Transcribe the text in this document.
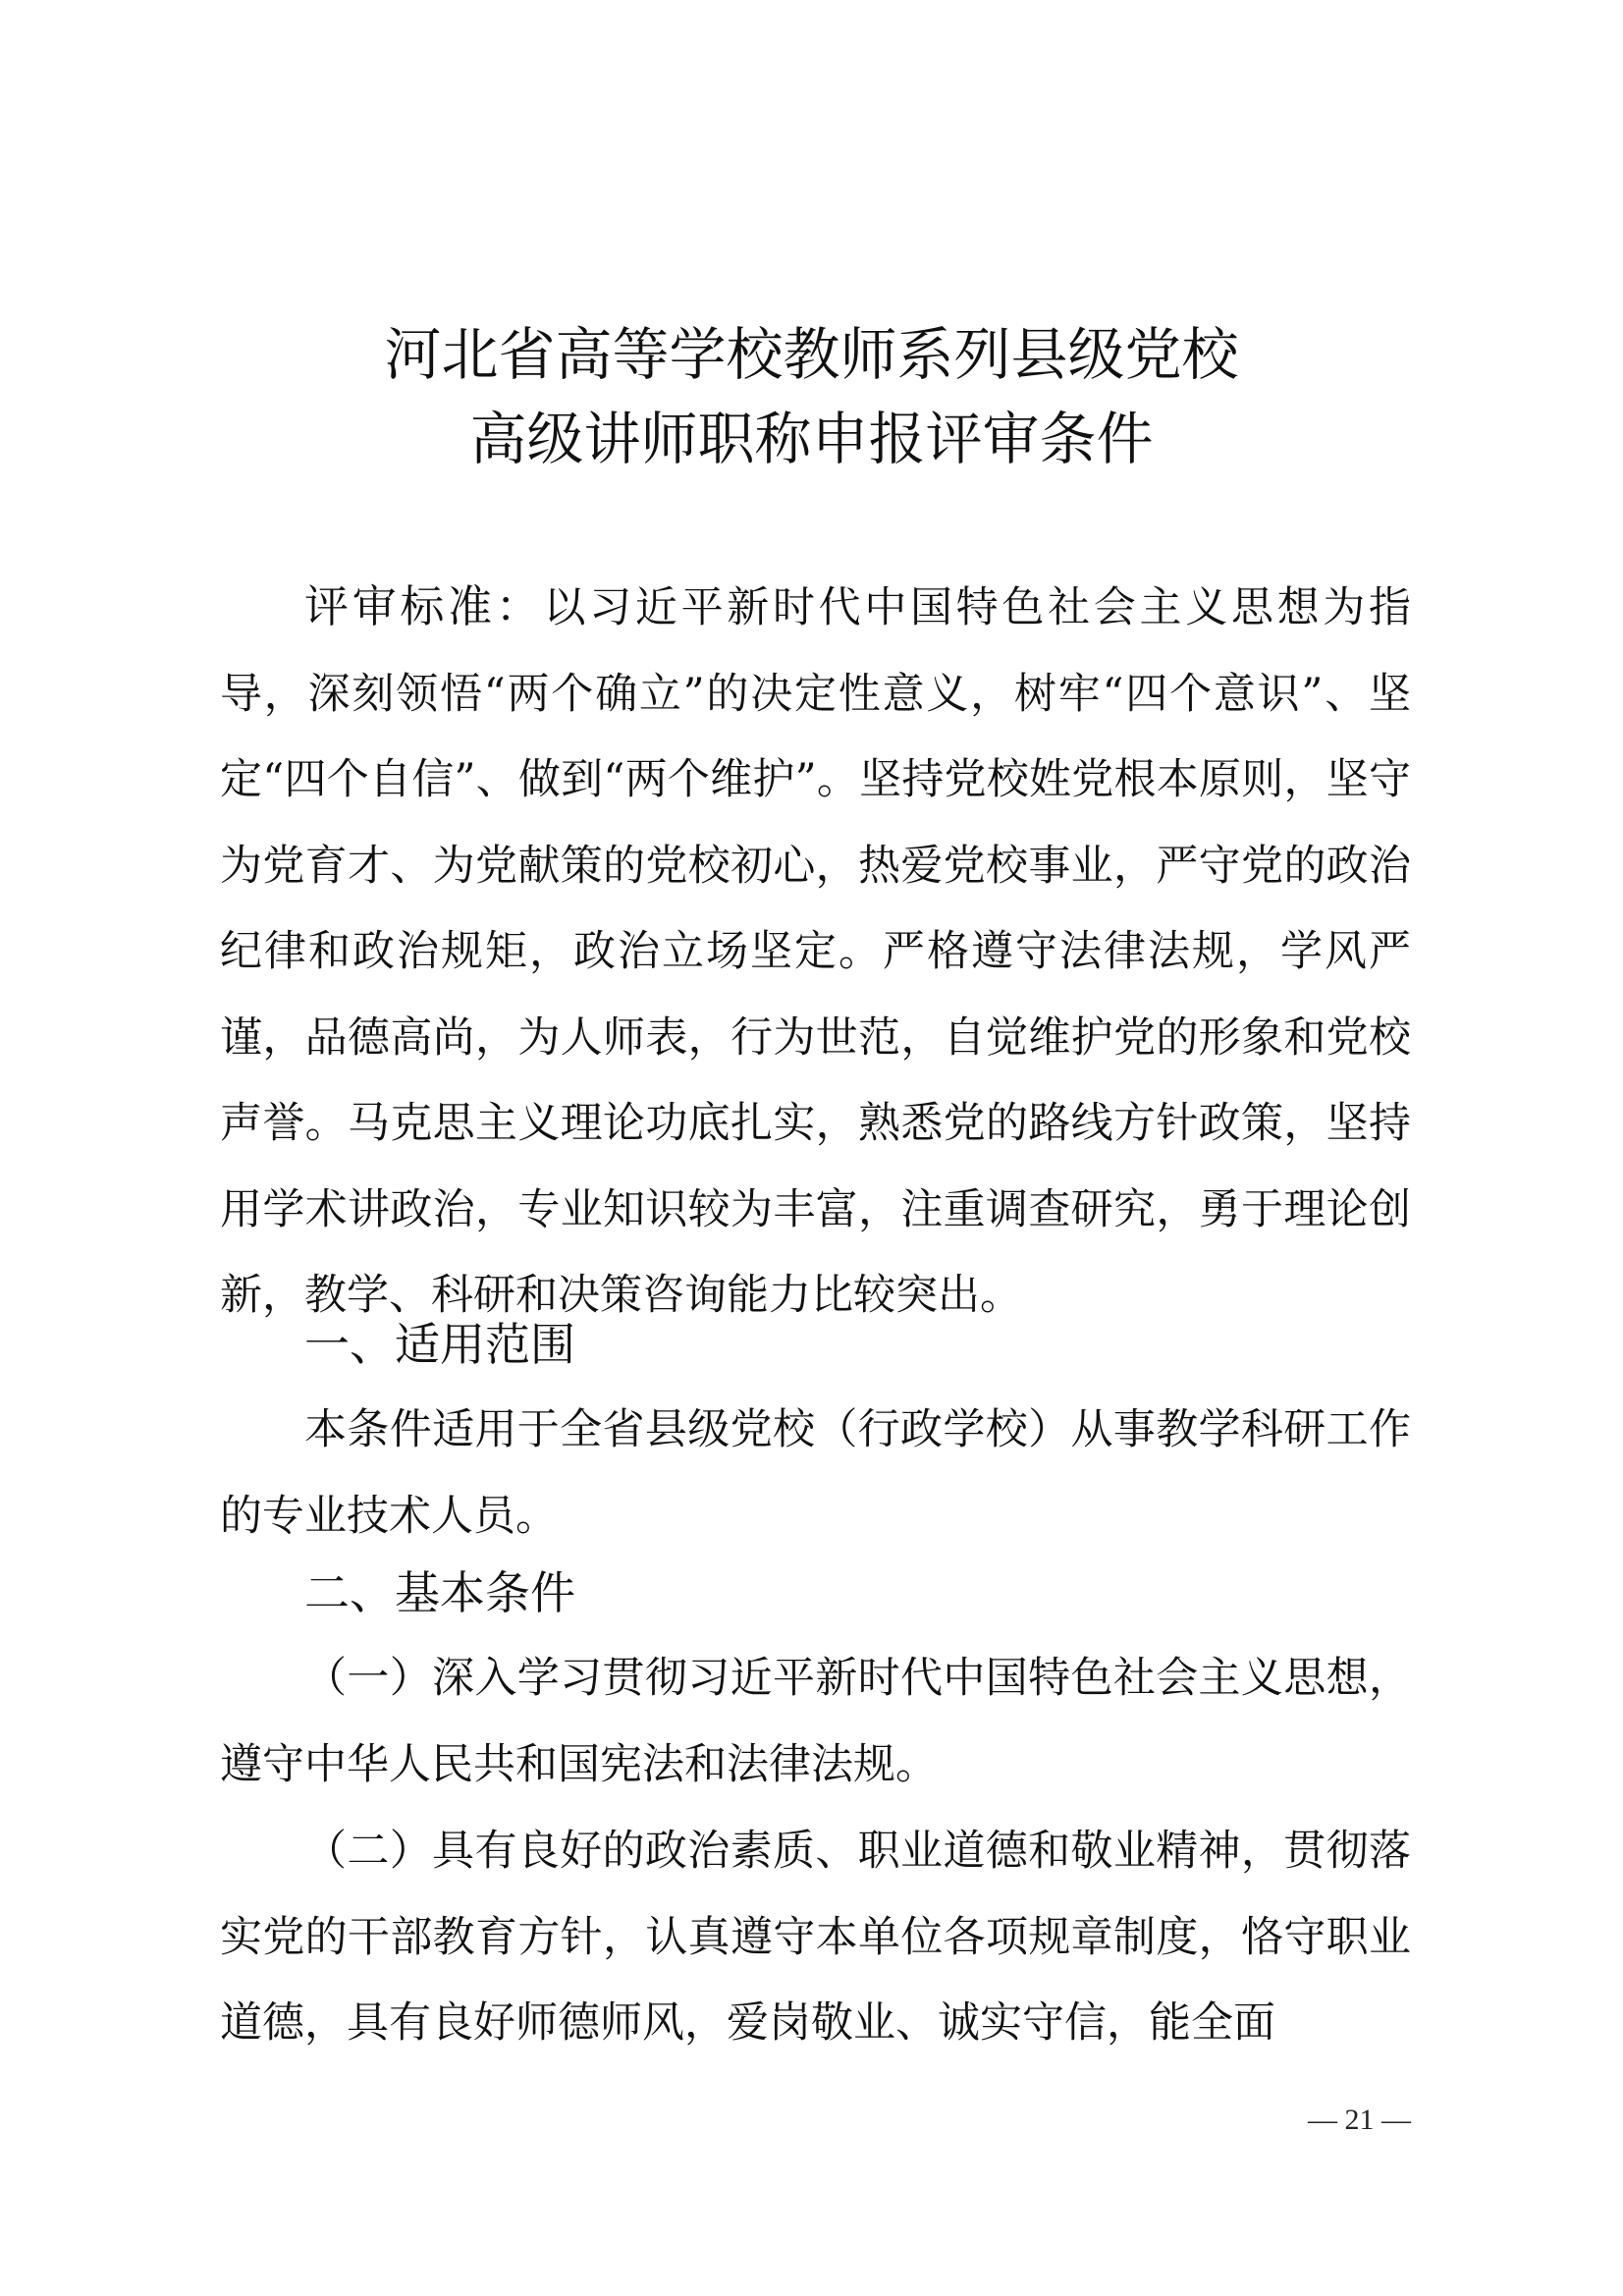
河北省高等学校教师系列县级党校
高级讲师职称申报评审条件

评审标准：以习近平新时代中国特色社会主义思想为指导，深刻领悟“两个确立”的决定性意义，树牢“四个意识”、坚定“四个自信”、做到“两个维护”。坚持党校姓党根本原则，坚守为党育才、为党献策的党校初心，热爱党校事业，严守党的政治纪律和政治规矩，政治立场坚定。严格遵守法律法规，学风严谨，品德高尚，为人师表，行为世范，自觉维护党的形象和党校声誉。马克思主义理论功底扎实，熟悉党的路线方针政策，坚持用学术讲政治，专业知识较为丰富，注重调查研究，勇于理论创新，教学、科研和决策咨询能力比较突出。

一、适用范围

本条件适用于全省县级党校（行政学校）从事教学科研工作的专业技术人员。

二、基本条件

（一）深入学习贯彻习近平新时代中国特色社会主义思想，遵守中华人民共和国宪法和法律法规。

（二）具有良好的政治素质、职业道德和敬业精神，贯彻落实党的干部教育方针，认真遵守本单位各项规章制度，恪守职业道德，具有良好师德师风，爱岗敬业、诚实守信，能全面

— 21 —
